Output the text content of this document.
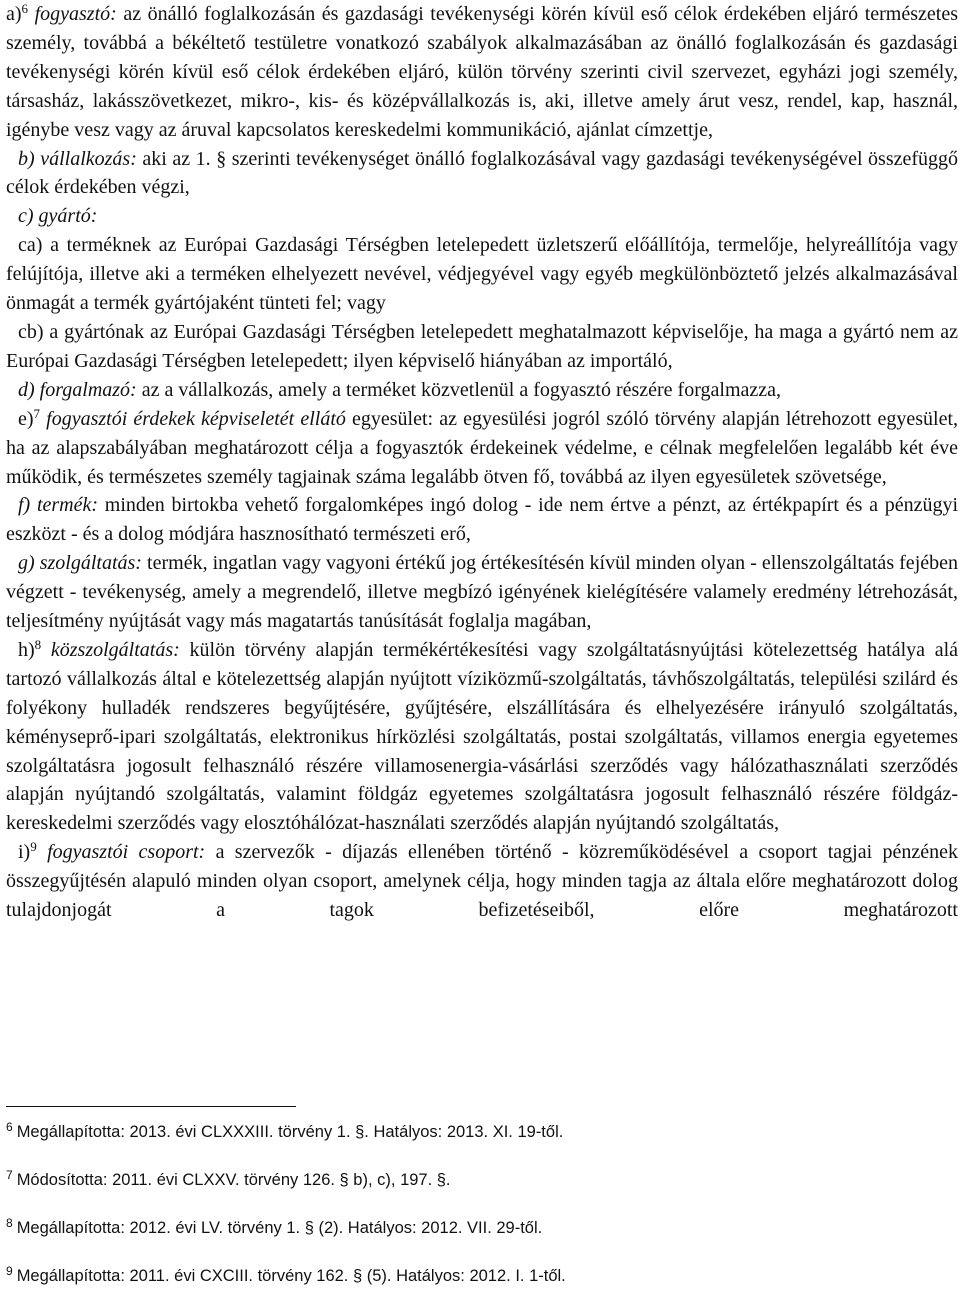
a)$^6$ fogyasztó: az önálló foglalkozásán és gazdasági tevékenységi körén kívül eső célok érdekében eljáró természetes személy, továbbá a békéltető testületre vonatkozó szabályok alkalmazásában az önálló foglalkozásán és gazdasági tevékenységi körén kívül eső célok érdekében eljáró, külön törvény szerinti civil szervezet, egyházi jogi személy, társasház, lakásszövetkezet, mikro-, kis- és középvállalkozás is, aki, illetve amely árut vesz, rendel, kap, használ, igénybe vesz vagy az áruval kapcsolatos kereskedelmi kommunikáció, ajánlat címzettje,

b) vállalkozás: aki az 1. § szerinti tevékenységet önálló foglalkozásával vagy gazdasági tevékenységével összefüggő célok érdekében végzi,

c) gyártó:

ca) a terméknek az Európai Gazdasági Térségben letelepedett üzletszerű előállítója, termelője, helyreállítója vagy felújítója, illetve aki a terméken elhelyezett nevével, védjegyével vagy egyéb megkülönböztető jelzés alkalmazásával önmagát a termék gyártójaként tünteti fel; vagy

cb) a gyártónak az Európai Gazdasági Térségben letelepedett meghatalmazott képviselője, ha maga a gyártó nem az Európai Gazdasági Térségben letelepedett; ilyen képviselő hiányában az importáló,

d) forgalmazó: az a vállalkozás, amely a terméket közvetlenül a fogyasztó részére forgalmazza,

e)$^7$ fogyasztói érdekek képviseletét ellátó egyesület: az egyesülési jogról szóló törvény alapján létrehozott egyesület, ha az alapszabályában meghatározott célja a fogyasztók érdekeinek védelme, e célnak megfelelően legalább két éve működik, és természetes személy tagjainak száma legalább ötven fő, továbbá az ilyen egyesületek szövetsége,

f) termék: minden birtokba vehető forgalomképes ingó dolog - ide nem értve a pénzt, az értékpapírt és a pénzügyi eszközt - és a dolog módjára hasznosítható természeti erő,

g) szolgáltatás: termék, ingatlan vagy vagyoni értékű jog értékesítésén kívül minden olyan - ellenszolgáltatás fejében végzett - tevékenység, amely a megrendelő, illetve megbízó igényének kielégítésére valamely eredmény létrehozását, teljesítmény nyújtását vagy más magatartás tanúsítását foglalja magában,

h)$^8$ közszolgáltatás: külön törvény alapján termékértékesítési vagy szolgáltatásnyújtási kötelezettség hatálya alá tartozó vállalkozás által e kötelezettség alapján nyújtott víziközmű-szolgáltatás, távhőszolgáltatás, települési szilárd és folyékony hulladék rendszeres begyűjtésére, gyűjtésére, elszállítására és elhelyezésére irányuló szolgáltatás, kéményseprő-ipari szolgáltatás, elektronikus hírközlési szolgáltatás, postai szolgáltatás, villamos energia egyetemes szolgáltatásra jogosult felhasználó részére villamosenergia-vásárlási szerződés vagy hálózathasználati szerződés alapján nyújtandó szolgáltatás, valamint földgáz egyetemes szolgáltatásra jogosult felhasználó részére földgáz-kereskedelmi szerződés vagy elosztóhálózat-használati szerződés alapján nyújtandó szolgáltatás,

i)$^9$ fogyasztói csoport: a szervezők - díjazás ellenében történő - közreműködésével a csoport tagjai pénzének összegyűjtésén alapuló minden olyan csoport, amelynek célja, hogy minden tagja az általa előre meghatározott dolog tulajdonjogát a tagok befizetéseiből, előre meghatározott

$^6$ Megállapította: 2013. évi CLXXXIII. törvény 1. §. Hatályos: 2013. XI. 19-től.
$^7$ Módosította: 2011. évi CLXXV. törvény 126. § b), c), 197. §.
$^8$ Megállapította: 2012. évi LV. törvény 1. § (2). Hatályos: 2012. VII. 29-től.
$^9$ Megállapította: 2011. évi CXCIII. törvény 162. § (5). Hatályos: 2012. I. 1-től.
